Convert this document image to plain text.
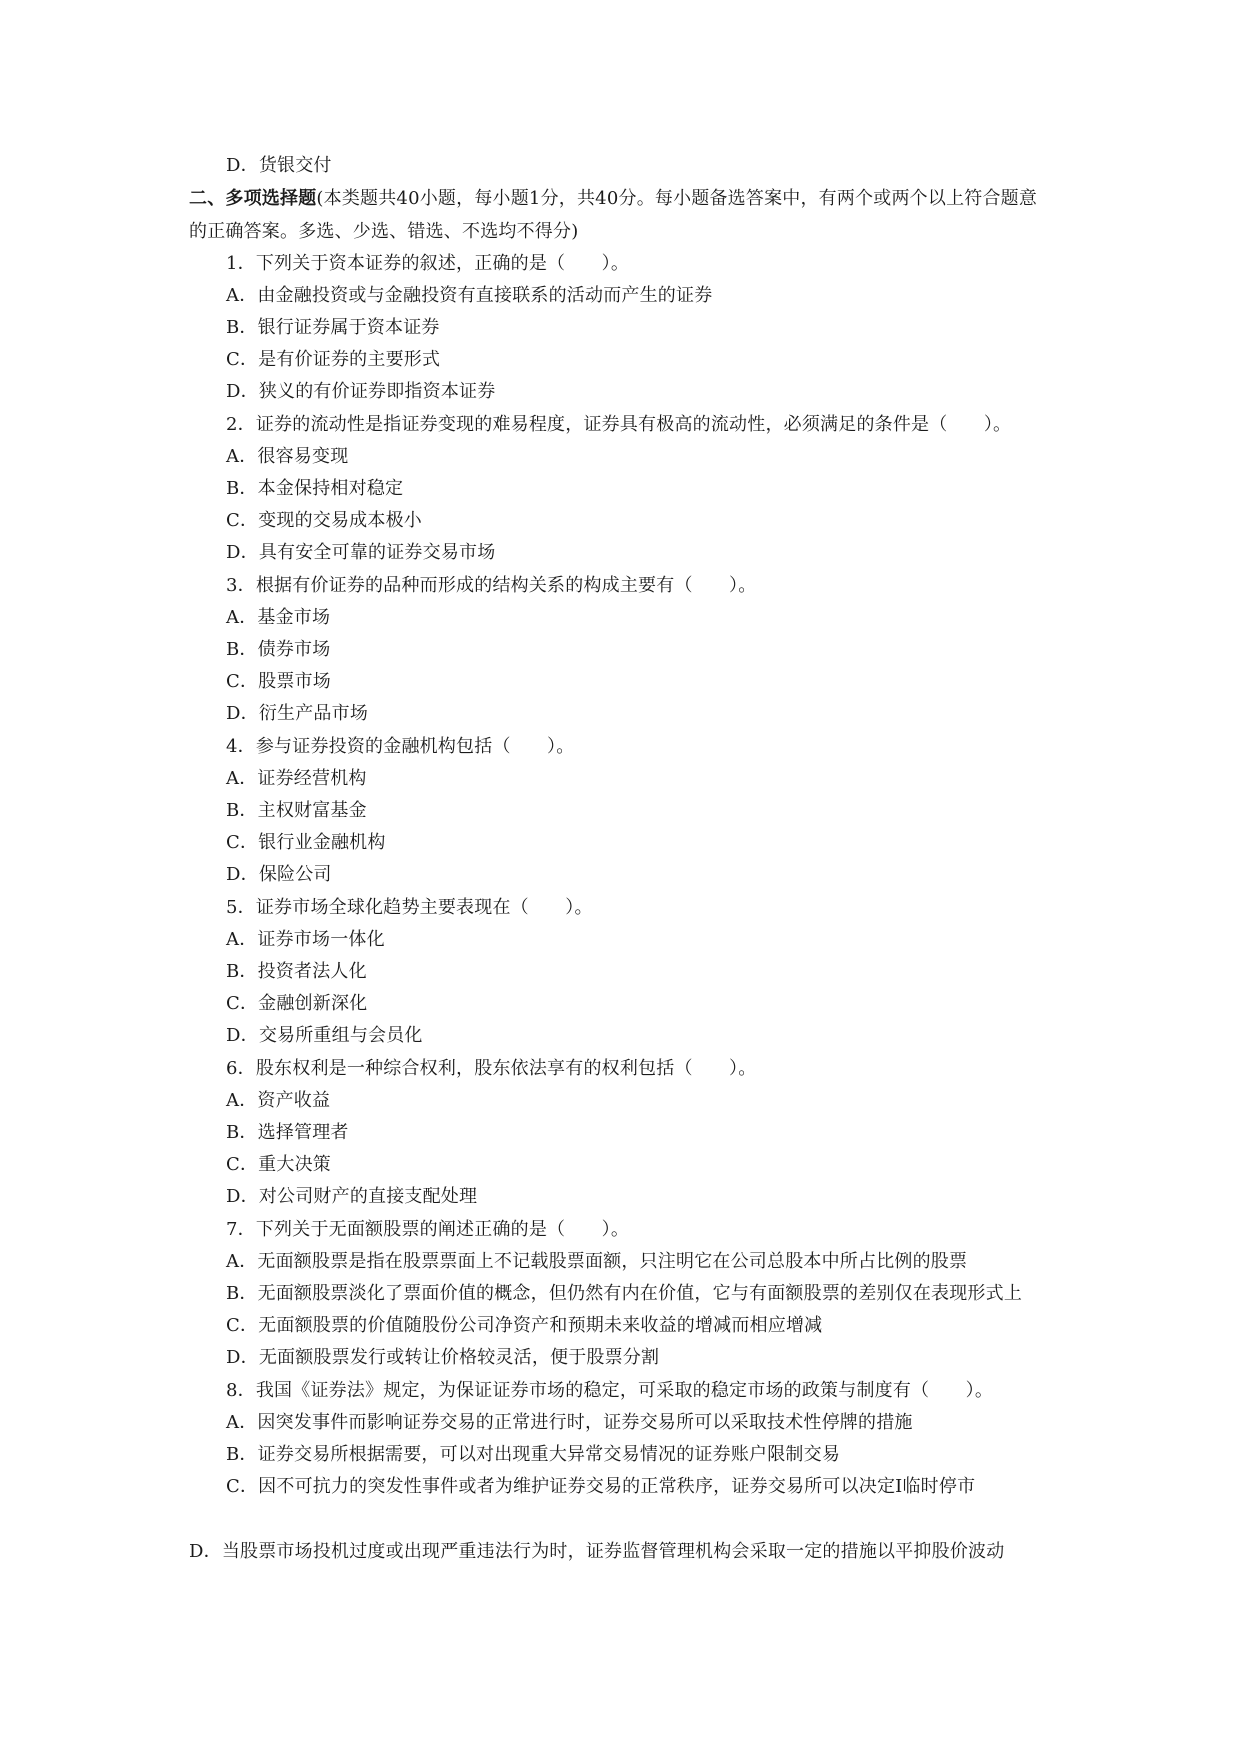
D．货银交付
二、多项选择题(本类题共40小题，每小题1分，共40分。每小题备选答案中，有两个或两个以上符合题意
的正确答案。多选、少选、错选、不选均不得分)
1．下列关于资本证券的叙述，正确的是（　　）。
A．由金融投资或与金融投资有直接联系的活动而产生的证券
B．银行证券属于资本证券
C．是有价证券的主要形式
D．狭义的有价证券即指资本证券
2．证券的流动性是指证券变现的难易程度，证券具有极高的流动性，必须满足的条件是（　　）。
A．很容易变现
B．本金保持相对稳定
C．变现的交易成本极小
D．具有安全可靠的证券交易市场
3．根据有价证券的品种而形成的结构关系的构成主要有（　　）。
A．基金市场
B．债券市场
C．股票市场
D．衍生产品市场
4．参与证券投资的金融机构包括（　　）。
A．证券经营机构
B．主权财富基金
C．银行业金融机构
D．保险公司
5．证券市场全球化趋势主要表现在（　　）。
A．证券市场一体化
B．投资者法人化
C．金融创新深化
D．交易所重组与会员化
6．股东权利是一种综合权利，股东依法享有的权利包括（　　）。
A．资产收益
B．选择管理者
C．重大决策
D．对公司财产的直接支配处理
7．下列关于无面额股票的阐述正确的是（　　）。
A．无面额股票是指在股票票面上不记载股票面额，只注明它在公司总股本中所占比例的股票
B．无面额股票淡化了票面价值的概念，但仍然有内在价值，它与有面额股票的差别仅在表现形式上
C．无面额股票的价值随股份公司净资产和预期未来收益的增减而相应增减
D．无面额股票发行或转让价格较灵活，便于股票分割
8．我国《证券法》规定，为保证证券市场的稳定，可采取的稳定市场的政策与制度有（　　）。
A．因突发事件而影响证券交易的正常进行时，证券交易所可以采取技术性停牌的措施
B．证券交易所根据需要，可以对出现重大异常交易情况的证券账户限制交易
C．因不可抗力的突发性事件或者为维护证券交易的正常秩序，证券交易所可以决定I临时停市
D．当股票市场投机过度或出现严重违法行为时，证券监督管理机构会采取一定的措施以平抑股价波动
